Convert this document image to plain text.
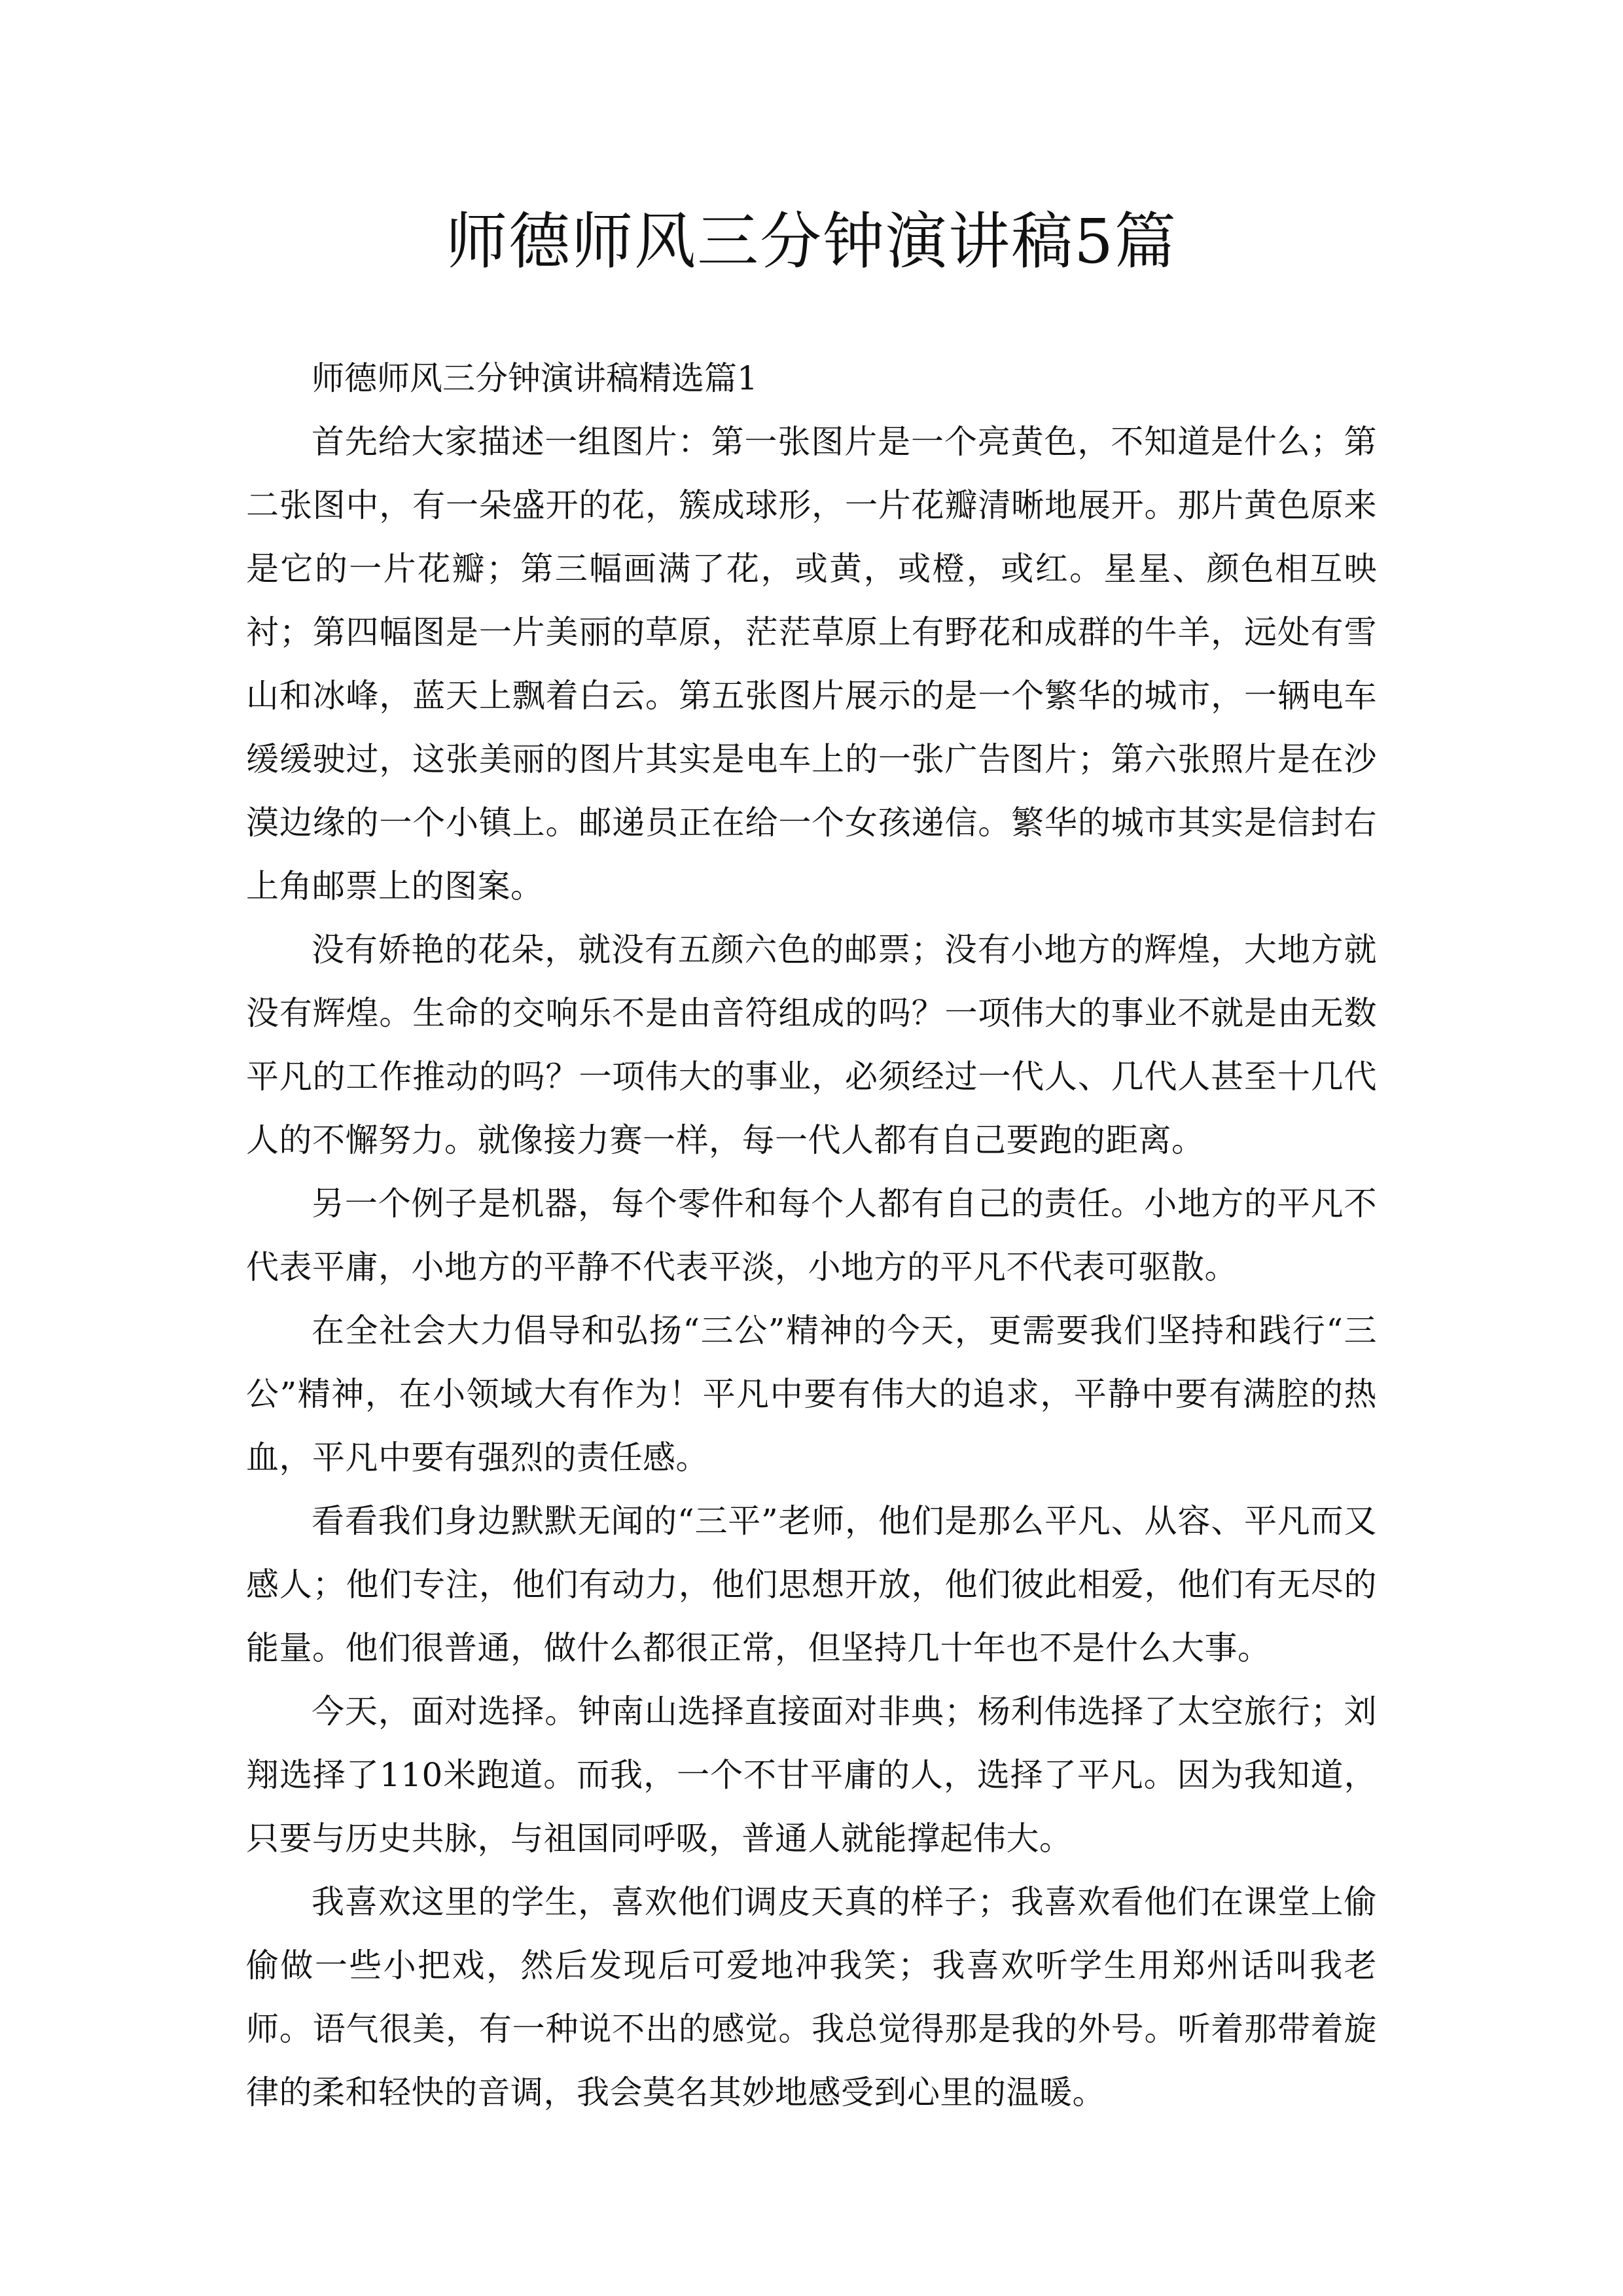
师德师风三分钟演讲稿5篇

师德师风三分钟演讲稿精选篇1

首先给大家描述一组图片：第一张图片是一个亮黄色，不知道是什么；第二张图中，有一朵盛开的花，簇成球形，一片花瓣清晰地展开。那片黄色原来是它的一片花瓣；第三幅画满了花，或黄，或橙，或红。星星、颜色相互映衬；第四幅图是一片美丽的草原，茫茫草原上有野花和成群的牛羊，远处有雪山和冰峰，蓝天上飘着白云。第五张图片展示的是一个繁华的城市，一辆电车缓缓驶过，这张美丽的图片其实是电车上的一张广告图片；第六张照片是在沙漠边缘的一个小镇上。邮递员正在给一个女孩递信。繁华的城市其实是信封右上角邮票上的图案。

没有娇艳的花朵，就没有五颜六色的邮票；没有小地方的辉煌，大地方就没有辉煌。生命的交响乐不是由音符组成的吗？一项伟大的事业不就是由无数平凡的工作推动的吗？一项伟大的事业，必须经过一代人、几代人甚至十几代人的不懈努力。就像接力赛一样，每一代人都有自己要跑的距离。

另一个例子是机器，每个零件和每个人都有自己的责任。小地方的平凡不代表平庸，小地方的平静不代表平淡，小地方的平凡不代表可驱散。

在全社会大力倡导和弘扬“三公”精神的今天，更需要我们坚持和践行“三公”精神，在小领域大有作为！平凡中要有伟大的追求，平静中要有满腔的热血，平凡中要有强烈的责任感。

看看我们身边默默无闻的“三平”老师，他们是那么平凡、从容、平凡而又感人；他们专注，他们有动力，他们思想开放，他们彼此相爱，他们有无尽的能量。他们很普通，做什么都很正常，但坚持几十年也不是什么大事。

今天，面对选择。钟南山选择直接面对非典；杨利伟选择了太空旅行；刘翔选择了110米跑道。而我，一个不甘平庸的人，选择了平凡。因为我知道，只要与历史共脉，与祖国同呼吸，普通人就能撑起伟大。

我喜欢这里的学生，喜欢他们调皮天真的样子；我喜欢看他们在课堂上偷偷做一些小把戏，然后发现后可爱地冲我笑；我喜欢听学生用郑州话叫我老师。语气很美，有一种说不出的感觉。我总觉得那是我的外号。听着那带着旋律的柔和轻快的音调，我会莫名其妙地感受到心里的温暖。
